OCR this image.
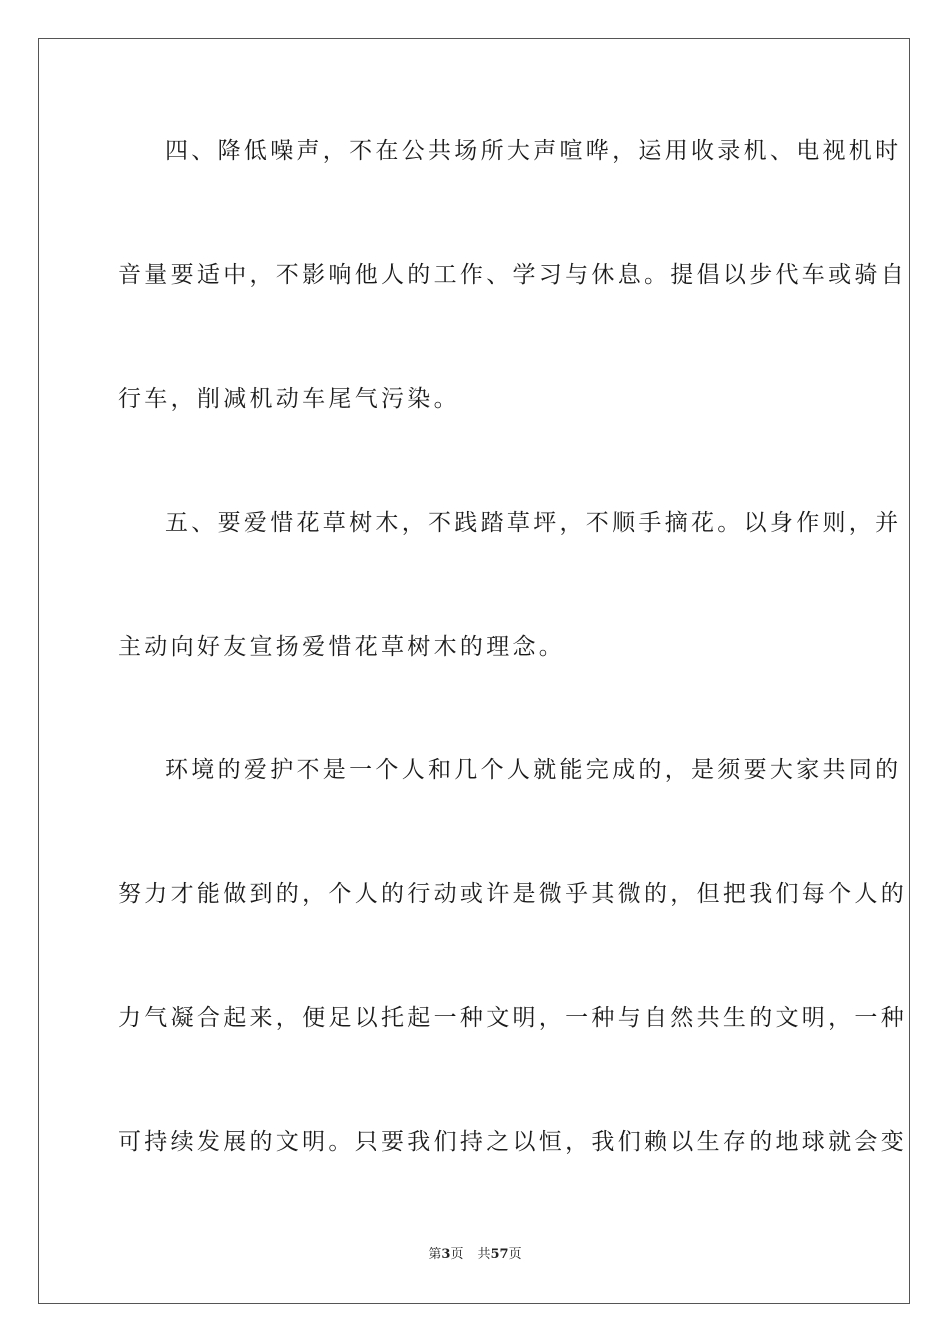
四、降低噪声，不在公共场所大声喧哗，运用收录机、电视机时
音量要适中，不影响他人的工作、学习与休息。提倡以步代车或骑自
行车，削减机动车尾气污染。
五、要爱惜花草树木，不践踏草坪，不顺手摘花。以身作则，并
主动向好友宣扬爱惜花草树木的理念。
环境的爱护不是一个人和几个人就能完成的，是须要大家共同的
努力才能做到的，个人的行动或许是微乎其微的，但把我们每个人的
力气凝合起来，便足以托起一种文明，一种与自然共生的文明，一种
可持续发展的文明。只要我们持之以恒，我们赖以生存的地球就会变
第3页 共57页
